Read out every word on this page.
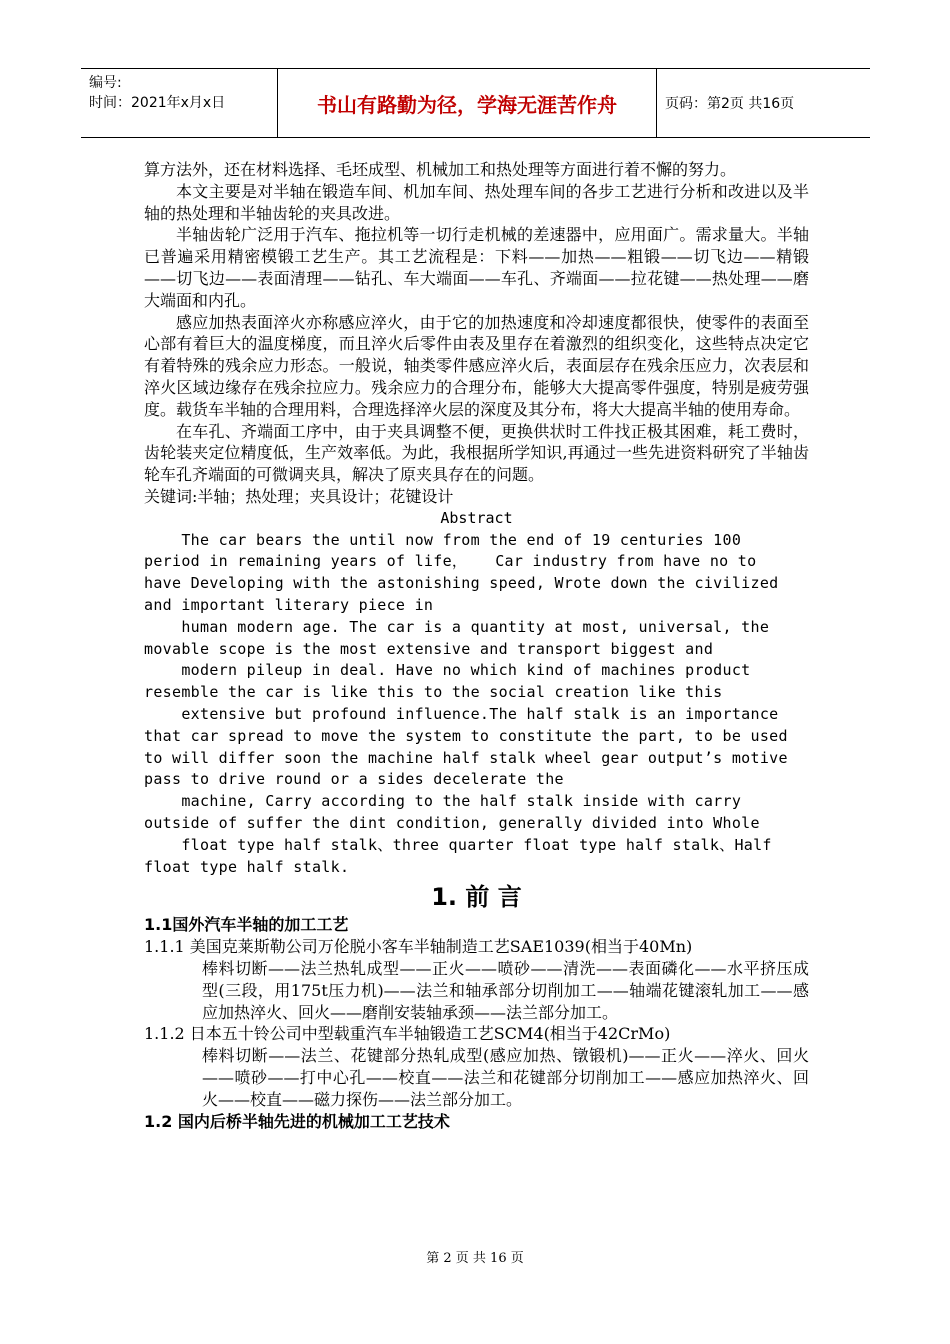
编号:
时间：2021年x月x日	书山有路勤为径，学海无涯苦作舟	页码：第2页 共16页

算方法外，还在材料选择、毛坯成型、机械加工和热处理等方面进行着不懈的努力。

本文主要是对半轴在锻造车间、机加车间、热处理车间的各步工艺进行分析和改进以及半轴的热处理和半轴齿轮的夹具改进。

半轴齿轮广泛用于汽车、拖拉机等一切行走机械的差速器中，应用面广。需求量大。半轴已普遍采用精密模锻工艺生产。其工艺流程是：下料——加热——粗锻——切飞边——精锻——切飞边——表面清理——钻孔、车大端面——车孔、齐端面——拉花键——热处理——磨大端面和内孔。

感应加热表面淬火亦称感应淬火，由于它的加热速度和冷却速度都很快，使零件的表面至心部有着巨大的温度梯度，而且淬火后零件由表及里存在着激烈的组织变化，这些特点决定它有着特殊的残余应力形态。一般说，轴类零件感应淬火后，表面层存在残余压应力，次表层和淬火区域边缘存在残余拉应力。残余应力的合理分布，能够大大提高零件强度，特别是疲劳强度。载货车半轴的合理用料，合理选择淬火层的深度及其分布，将大大提高半轴的使用寿命。

在车孔、齐端面工序中，由于夹具调整不便，更换供状时工件找正极其困难，耗工费时，齿轮装夹定位精度低，生产效率低。为此，我根据所学知识,再通过一些先进资料研究了半轴齿轮车孔齐端面的可微调夹具，解决了原夹具存在的问题。

关键词:半轴；热处理；夹具设计；花键设计

Abstract

The car bears the until now from the end of 19 centuries 100

period in remaining years of life，   Car industry from have no to

have Developing with the astonishing speed, Wrote down the civilized

and important literary piece in

human modern age. The car is a quantity at most, universal, the

movable scope is the most extensive and transport biggest and

modern pileup in deal. Have no which kind of machines product

resemble the car is like this to the social creation like this

extensive but profound influence.The half stalk is an importance

that car spread to move the system to constitute the part, to be used

to will differ soon the machine half stalk wheel gear output’s motive

pass to drive round or a sides decelerate the

machine, Carry according to the half stalk inside with carry

outside of suffer the dint condition, generally divided into Whole

float type half stalk、three quarter float type half stalk、Half

float type half stalk.

1. 前 言
1.1国外汽车半轴的加工工艺

1.1.1 美国克莱斯勒公司万伦脱小客车半轴制造工艺SAE1039(相当于40Mn)

棒料切断——法兰热轧成型——正火——喷砂——清洗——表面磷化——水平挤压成型(三段，用175t压力机)——法兰和轴承部分切削加工——轴端花键滚轧加工——感应加热淬火、回火——磨削安装轴承颈——法兰部分加工。

1.1.2 日本五十铃公司中型载重汽车半轴锻造工艺SCM4(相当于42CrMo)

棒料切断——法兰、花键部分热轧成型(感应加热、镦锻机)——正火——淬火、回火——喷砂——打中心孔——校直——法兰和花键部分切削加工——感应加热淬火、回火——校直——磁力探伤——法兰部分加工。

1.2 国内后桥半轴先进的机械加工工艺技术
第 2 页 共 16 页
